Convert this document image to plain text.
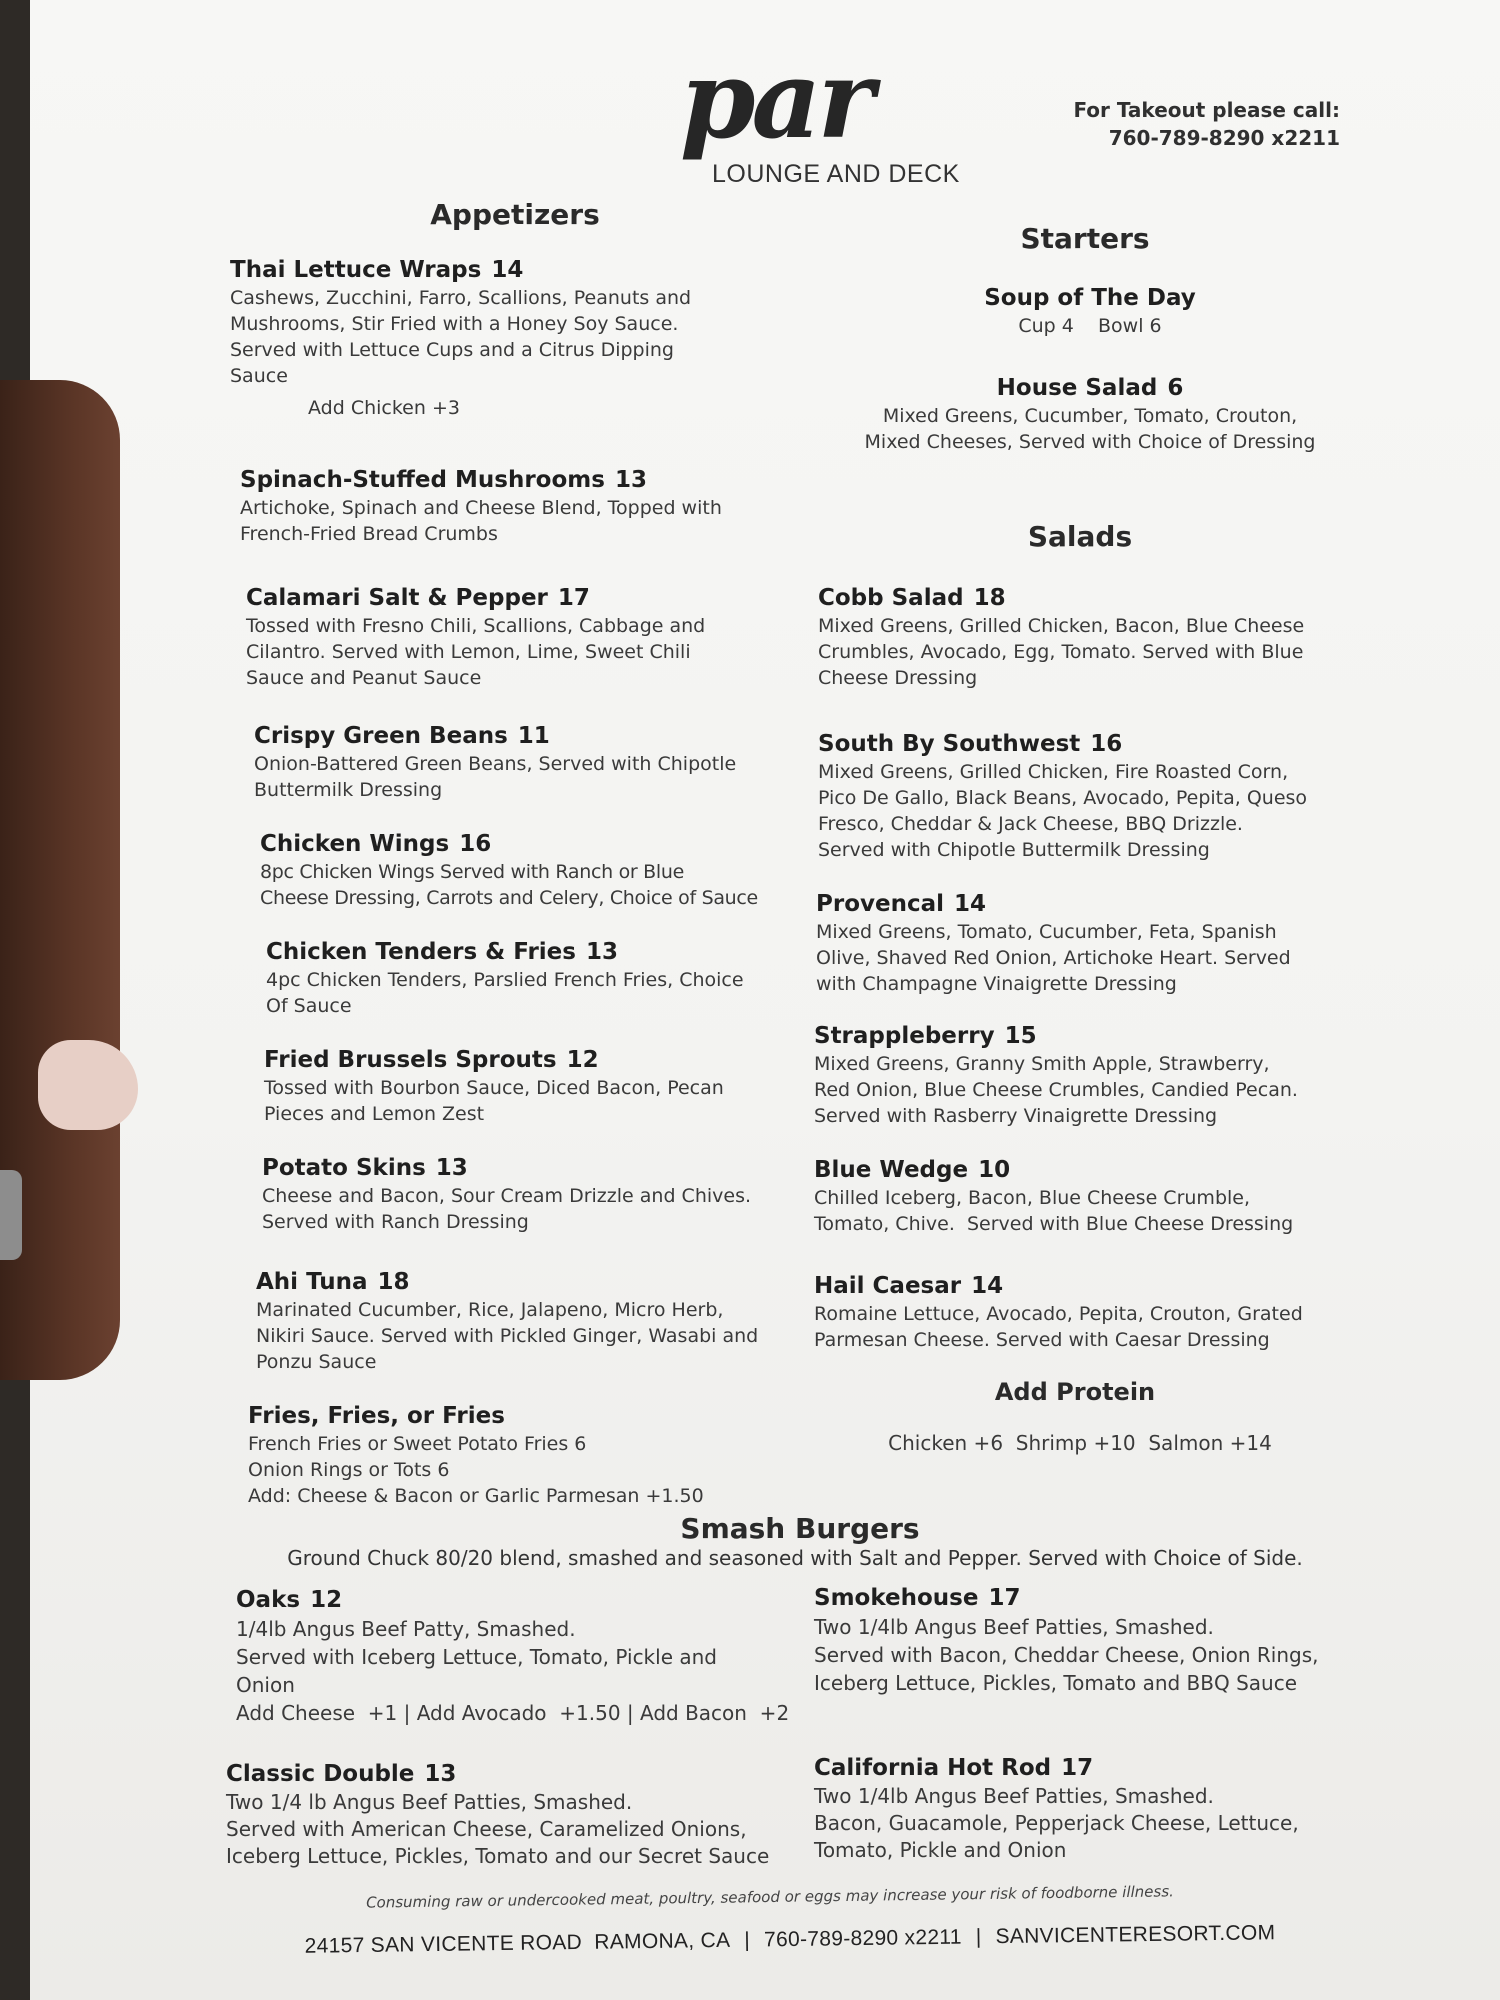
par
LOUNGE AND DECK
For Takeout please call:
760-789-8290 x2211
Appetizers
Thai Lettuce Wraps 14
Cashews, Zucchini, Farro, Scallions, Peanuts and
Mushrooms, Stir Fried with a Honey Soy Sauce.
Served with Lettuce Cups and a Citrus Dipping
Sauce
Add Chicken +3
Spinach-Stuffed Mushrooms 13
Artichoke, Spinach and Cheese Blend, Topped with
French-Fried Bread Crumbs
Calamari Salt & Pepper 17
Tossed with Fresno Chili, Scallions, Cabbage and
Cilantro. Served with Lemon, Lime, Sweet Chili
Sauce and Peanut Sauce
Crispy Green Beans 11
Onion-Battered Green Beans, Served with Chipotle
Buttermilk Dressing
Chicken Wings 16
8pc Chicken Wings Served with Ranch or Blue
Cheese Dressing, Carrots and Celery, Choice of Sauce
Chicken Tenders & Fries 13
4pc Chicken Tenders, Parslied French Fries, Choice
Of Sauce
Fried Brussels Sprouts 12
Tossed with Bourbon Sauce, Diced Bacon, Pecan
Pieces and Lemon Zest
Potato Skins 13
Cheese and Bacon, Sour Cream Drizzle and Chives.
Served with Ranch Dressing
Ahi Tuna 18
Marinated Cucumber, Rice, Jalapeno, Micro Herb,
Nikiri Sauce. Served with Pickled Ginger, Wasabi and
Ponzu Sauce
Fries, Fries, or Fries
French Fries or Sweet Potato Fries 6
Onion Rings or Tots 6
Add: Cheese & Bacon or Garlic Parmesan +1.50
Starters
Soup of The Day
Cup 4    Bowl 6
House Salad 6
Mixed Greens, Cucumber, Tomato, Crouton,
Mixed Cheeses, Served with Choice of Dressing
Salads
Cobb Salad 18
Mixed Greens, Grilled Chicken, Bacon, Blue Cheese
Crumbles, Avocado, Egg, Tomato. Served with Blue
Cheese Dressing
South By Southwest 16
Mixed Greens, Grilled Chicken, Fire Roasted Corn,
Pico De Gallo, Black Beans, Avocado, Pepita, Queso
Fresco, Cheddar & Jack Cheese, BBQ Drizzle.
Served with Chipotle Buttermilk Dressing
Provencal 14
Mixed Greens, Tomato, Cucumber, Feta, Spanish
Olive, Shaved Red Onion, Artichoke Heart. Served
with Champagne Vinaigrette Dressing
Strappleberry 15
Mixed Greens, Granny Smith Apple, Strawberry,
Red Onion, Blue Cheese Crumbles, Candied Pecan.
Served with Rasberry Vinaigrette Dressing
Blue Wedge 10
Chilled Iceberg, Bacon, Blue Cheese Crumble,
Tomato, Chive.  Served with Blue Cheese Dressing
Hail Caesar 14
Romaine Lettuce, Avocado, Pepita, Crouton, Grated
Parmesan Cheese. Served with Caesar Dressing
Add Protein
Chicken +6  Shrimp +10  Salmon +14
Smash Burgers
Ground Chuck 80/20 blend, smashed and seasoned with Salt and Pepper. Served with Choice of Side.
Oaks 12
1/4lb Angus Beef Patty, Smashed.
Served with Iceberg Lettuce, Tomato, Pickle and
Onion
Add Cheese  +1 | Add Avocado  +1.50 | Add Bacon  +2
Smokehouse 17
Two 1/4lb Angus Beef Patties, Smashed.
Served with Bacon, Cheddar Cheese, Onion Rings,
Iceberg Lettuce, Pickles, Tomato and BBQ Sauce
Classic Double 13
Two 1/4 lb Angus Beef Patties, Smashed.
Served with American Cheese, Caramelized Onions,
Iceberg Lettuce, Pickles, Tomato and our Secret Sauce
California Hot Rod 17
Two 1/4lb Angus Beef Patties, Smashed.
Bacon, Guacamole, Pepperjack Cheese, Lettuce,
Tomato, Pickle and Onion
Consuming raw or undercooked meat, poultry, seafood or eggs may increase your risk of foodborne illness.
24157 SAN VICENTE ROAD  RAMONA, CA | 760-789-8290 x2211 | SANVICENTERESORT.COM
